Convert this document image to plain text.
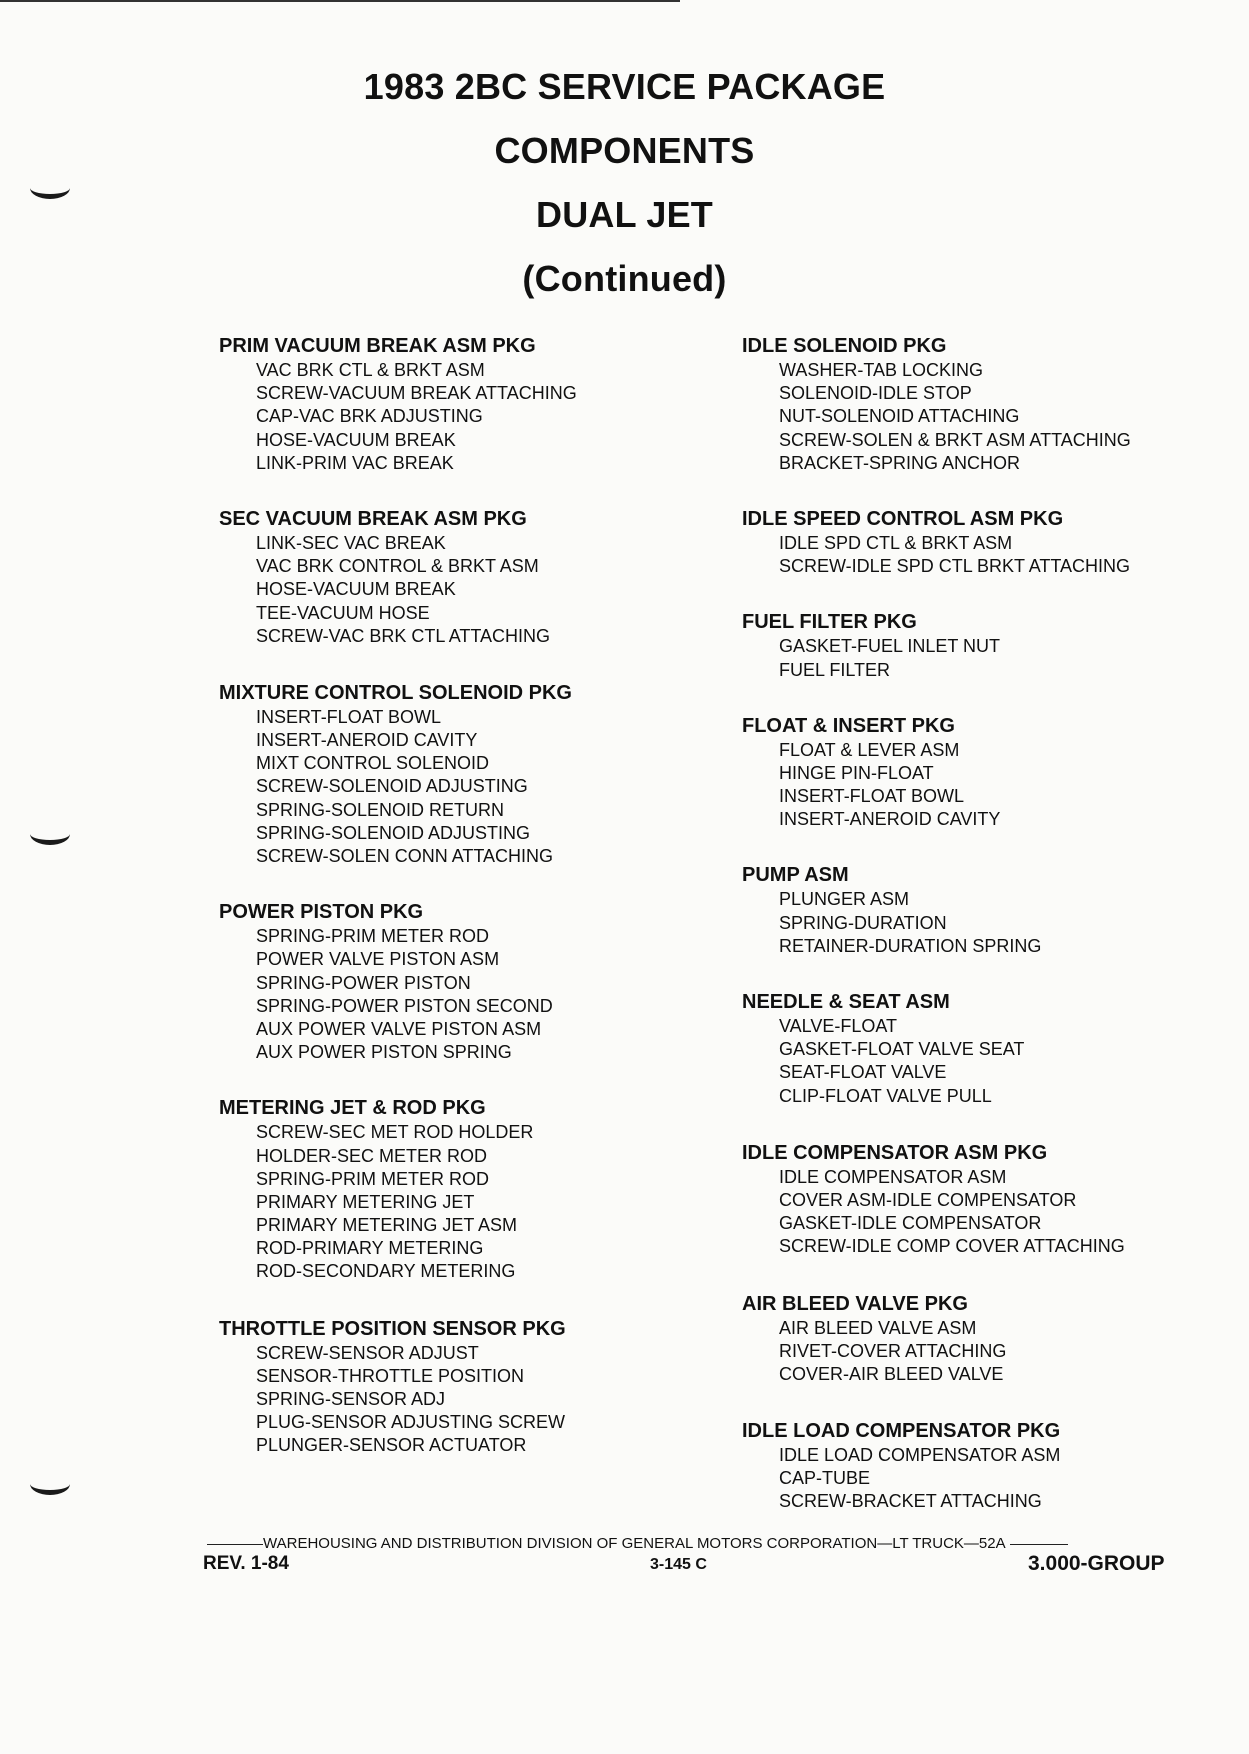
1983 2BC SERVICE PACKAGE
COMPONENTS
DUAL JET
(Continued)
PRIM VACUUM BREAK ASM PKG
VAC BRK CTL & BRKT ASM
SCREW-VACUUM BREAK ATTACHING
CAP-VAC BRK ADJUSTING
HOSE-VACUUM BREAK
LINK-PRIM VAC BREAK
SEC VACUUM BREAK ASM PKG
LINK-SEC VAC BREAK
VAC BRK CONTROL & BRKT ASM
HOSE-VACUUM BREAK
TEE-VACUUM HOSE
SCREW-VAC BRK CTL ATTACHING
MIXTURE CONTROL SOLENOID PKG
INSERT-FLOAT BOWL
INSERT-ANEROID CAVITY
MIXT CONTROL SOLENOID
SCREW-SOLENOID ADJUSTING
SPRING-SOLENOID RETURN
SPRING-SOLENOID ADJUSTING
SCREW-SOLEN CONN ATTACHING
POWER PISTON PKG
SPRING-PRIM METER ROD
POWER VALVE PISTON ASM
SPRING-POWER PISTON
SPRING-POWER PISTON SECOND
AUX POWER VALVE PISTON ASM
AUX POWER PISTON SPRING
METERING JET & ROD PKG
SCREW-SEC MET ROD HOLDER
HOLDER-SEC METER ROD
SPRING-PRIM METER ROD
PRIMARY METERING JET
PRIMARY METERING JET ASM
ROD-PRIMARY METERING
ROD-SECONDARY METERING
THROTTLE POSITION SENSOR PKG
SCREW-SENSOR ADJUST
SENSOR-THROTTLE POSITION
SPRING-SENSOR ADJ
PLUG-SENSOR ADJUSTING SCREW
PLUNGER-SENSOR ACTUATOR
IDLE SOLENOID PKG
WASHER-TAB LOCKING
SOLENOID-IDLE STOP
NUT-SOLENOID ATTACHING
SCREW-SOLEN & BRKT ASM ATTACHING
BRACKET-SPRING ANCHOR
IDLE SPEED CONTROL ASM PKG
IDLE SPD CTL & BRKT ASM
SCREW-IDLE SPD CTL BRKT ATTACHING
FUEL FILTER PKG
GASKET-FUEL INLET NUT
FUEL FILTER
FLOAT & INSERT PKG
FLOAT & LEVER ASM
HINGE PIN-FLOAT
INSERT-FLOAT BOWL
INSERT-ANEROID CAVITY
PUMP ASM
PLUNGER ASM
SPRING-DURATION
RETAINER-DURATION SPRING
NEEDLE & SEAT ASM
VALVE-FLOAT
GASKET-FLOAT VALVE SEAT
SEAT-FLOAT VALVE
CLIP-FLOAT VALVE PULL
IDLE COMPENSATOR ASM PKG
IDLE COMPENSATOR ASM
COVER ASM-IDLE COMPENSATOR
GASKET-IDLE COMPENSATOR
SCREW-IDLE COMP COVER ATTACHING
AIR BLEED VALVE PKG
AIR BLEED VALVE ASM
RIVET-COVER ATTACHING
COVER-AIR BLEED VALVE
IDLE LOAD COMPENSATOR PKG
IDLE LOAD COMPENSATOR ASM
CAP-TUBE
SCREW-BRACKET ATTACHING
WAREHOUSING AND DISTRIBUTION DIVISION OF GENERAL MOTORS CORPORATION—LT TRUCK—52A
REV. 1-84	3-145 C	3.000-GROUP
